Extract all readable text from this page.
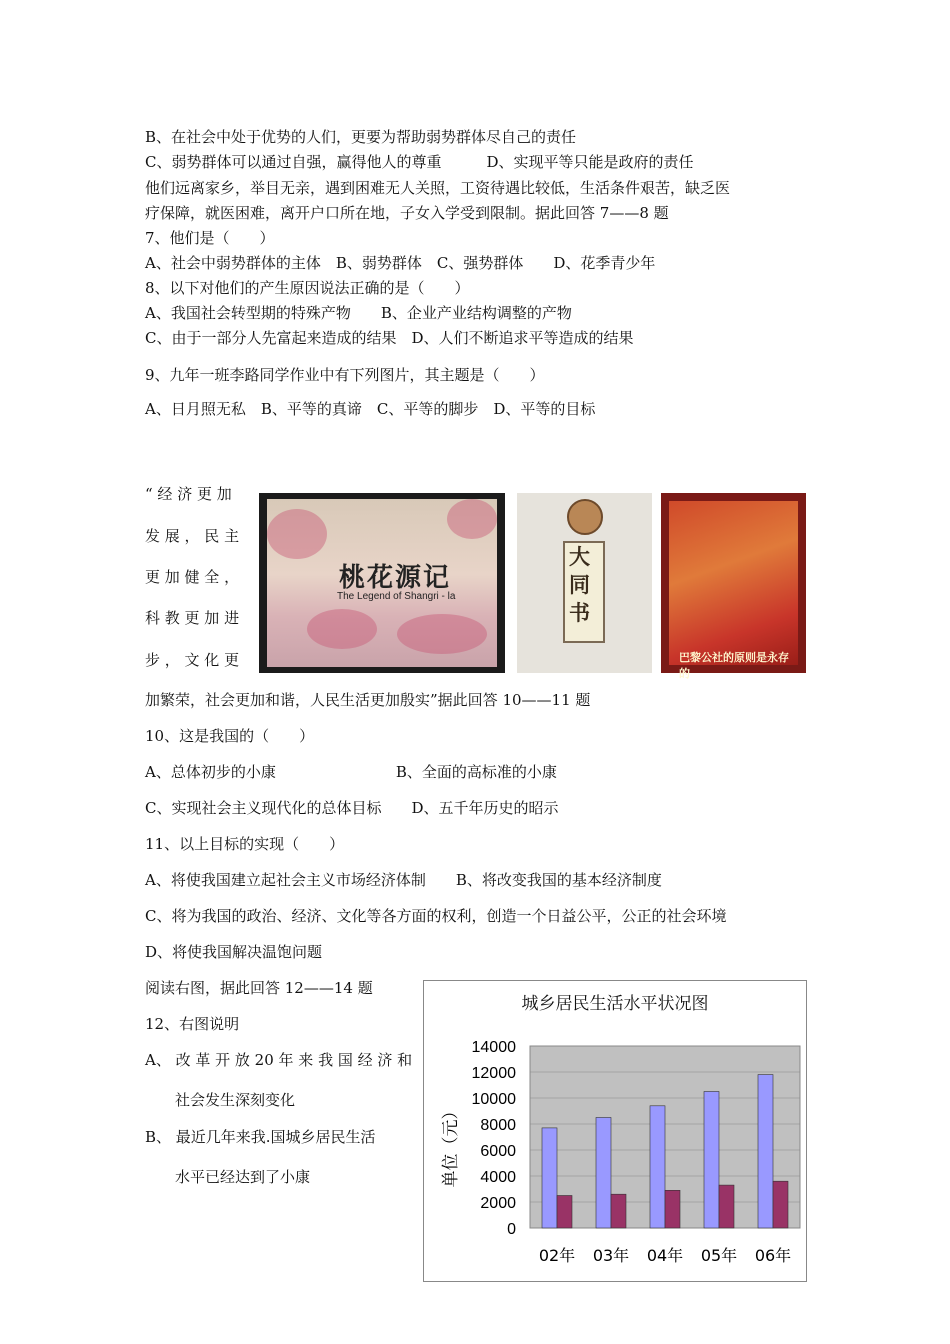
B、在社会中处于优势的人们，更要为帮助弱势群体尽自己的责任
C、弱势群体可以通过自强，赢得他人的尊重　　　D、实现平等只能是政府的责任
他们远离家乡，举目无亲，遇到困难无人关照，工资待遇比较低，生活条件艰苦，缺乏医
疗保障，就医困难，离开户口所在地，子女入学受到限制。据此回答 7——8 题
7、他们是（　　）
A、社会中弱势群体的主体　B、弱势群体　C、强势群体　　D、花季青少年
8、以下对他们的产生原因说法正确的是（　　）
A、我国社会转型期的特殊产物　　B、企业产业结构调整的产物
C、由于一部分人先富起来造成的结果　D、人们不断追求平等造成的结果
9、九年一班李路同学作业中有下列图片，其主题是（　　）
A、日月照无私　B、平等的真谛　C、平等的脚步　D、平等的目标
“ 经 济 更 加
发 展 ， 民 主
更 加 健 全 ，
科 教 更 加 进
步 ， 文 化 更
桃花源记
The Legend of Shangri - la
大
同
书
巴黎公社的原则是永存的
加繁荣，社会更加和谐，人民生活更加殷实”据此回答 10——11 题
10、这是我国的（　　）
A、总体初步的小康　　　　　　　　B、全面的高标准的小康
C、实现社会主义现代化的总体目标　　D、五千年历史的昭示
11、以上目标的实现（　　）
A、将使我国建立起社会主义市场经济体制　　B、将改变我国的基本经济制度
C、将为我国的政治、经济、文化等各方面的权利，创造一个日益公平，公正的社会环境
D、将使我国解决温饱问题
阅读右图，据此回答 12——14 题
12、右图说明
A、 改 革 开 放 20 年 来 我 国 经 济 和
　　社会发生深刻变化
B、 最近几年来我.国城乡居民生活
　　水平已经达到了小康
城乡居民生活水平状况图
0
2000
4000
6000
8000
10000
12000
14000
单位（元）
02年 03年 04年 05年 06年
